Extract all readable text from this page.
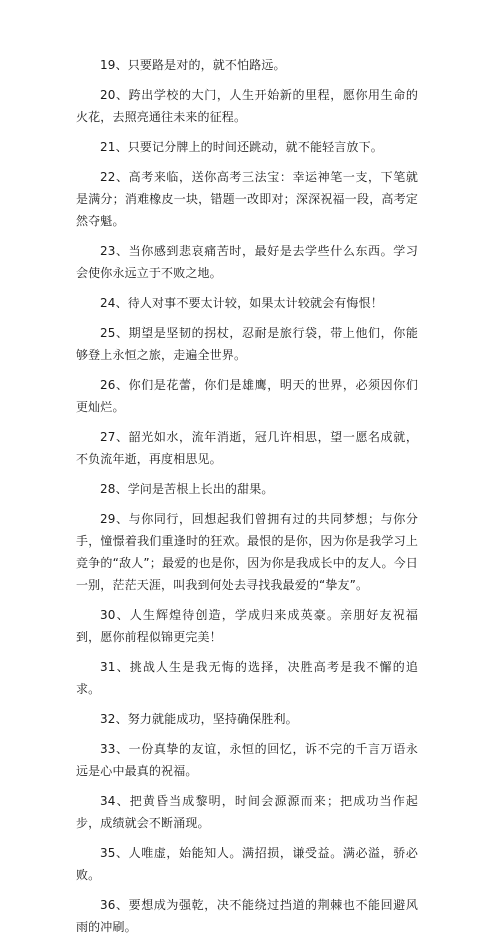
19、只要路是对的，就不怕路远。

20、跨出学校的大门，人生开始新的里程，愿你用生命的火花，去照亮通往未来的征程。

21、只要记分牌上的时间还跳动，就不能轻言放下。

22、高考来临，送你高考三法宝：幸运神笔一支，下笔就是满分；消难橡皮一块，错题一改即对；深深祝福一段，高考定然夺魁。

23、当你感到悲哀痛苦时，最好是去学些什么东西。学习会使你永远立于不败之地。

24、待人对事不要太计较，如果太计较就会有悔恨！

25、期望是坚韧的拐杖，忍耐是旅行袋，带上他们，你能够登上永恒之旅，走遍全世界。

26、你们是花蕾，你们是雄鹰，明天的世界，必须因你们更灿烂。

27、韶光如水，流年消逝，冠几许相思，望一愿名成就，不负流年逝，再度相思见。

28、学问是苦根上长出的甜果。

29、与你同行，回想起我们曾拥有过的共同梦想；与你分手，憧憬着我们重逢时的狂欢。最恨的是你，因为你是我学习上竞争的“敌人”；最爱的也是你，因为你是我成长中的友人。今日一别，茫茫天涯，叫我到何处去寻找我最爱的“挚友”。

30、人生辉煌待创造，学成归来成英豪。亲朋好友祝福到，愿你前程似锦更完美！

31、挑战人生是我无悔的选择，决胜高考是我不懈的追求。

32、努力就能成功，坚持确保胜利。

33、一份真挚的友谊，永恒的回忆，诉不完的千言万语永远是心中最真的祝福。

34、把黄昏当成黎明，时间会源源而来；把成功当作起步，成绩就会不断涌现。

35、人唯虚，始能知人。满招损，谦受益。满必溢，骄必败。

36、要想成为强乾，决不能绕过挡道的荆棘也不能回避风雨的冲刷。
